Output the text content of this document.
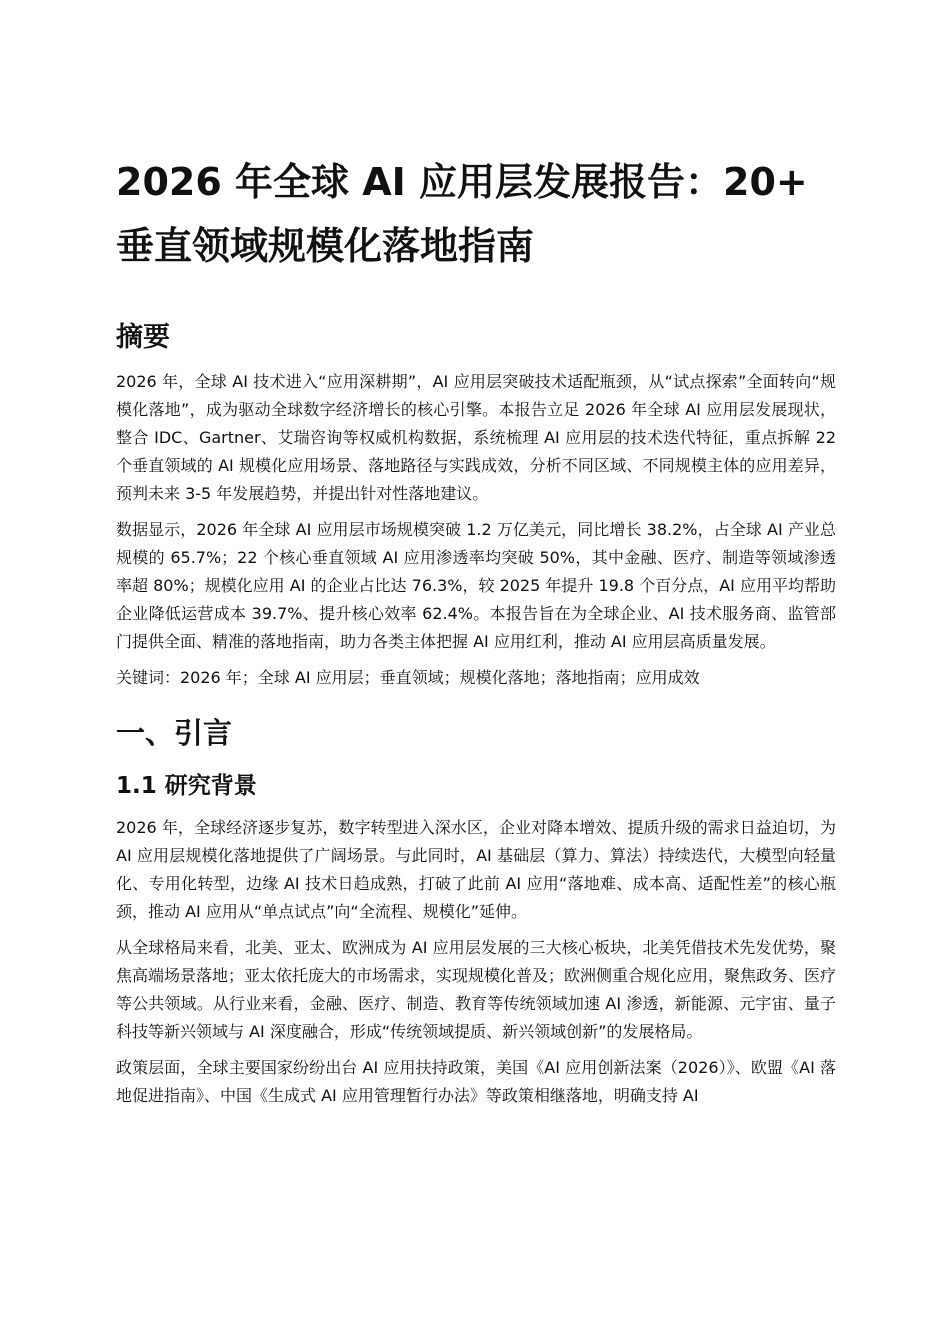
2026 年全球 AI 应用层发展报告：20+ 垂直领域规模化落地指南
摘要

2026 年，全球 AI 技术进入“应用深耕期”，AI 应用层突破技术适配瓶颈，从“试点探索”全面转向“规模化落地”，成为驱动全球数字经济增长的核心引擎。本报告立足 2026 年全球 AI 应用层发展现状，整合 IDC、Gartner、艾瑞咨询等权威机构数据，系统梳理 AI 应用层的技术迭代特征，重点拆解 22 个垂直领域的 AI 规模化应用场景、落地路径与实践成效，分析不同区域、不同规模主体的应用差异，预判未来 3-5 年发展趋势，并提出针对性落地建议。

数据显示，2026 年全球 AI 应用层市场规模突破 1.2 万亿美元，同比增长 38.2%，占全球 AI 产业总规模的 65.7%；22 个核心垂直领域 AI 应用渗透率均突破 50%，其中金融、医疗、制造等领域渗透率超 80%；规模化应用 AI 的企业占比达 76.3%，较 2025 年提升 19.8 个百分点，AI 应用平均帮助企业降低运营成本 39.7%、提升核心效率 62.4%。本报告旨在为全球企业、AI 技术服务商、监管部门提供全面、精准的落地指南，助力各类主体把握 AI 应用红利，推动 AI 应用层高质量发展。

关键词：2026 年；全球 AI 应用层；垂直领域；规模化落地；落地指南；应用成效

一、引言
1.1 研究背景

2026 年，全球经济逐步复苏，数字转型进入深水区，企业对降本增效、提质升级的需求日益迫切，为 AI 应用层规模化落地提供了广阔场景。与此同时，AI 基础层（算力、算法）持续迭代，大模型向轻量化、专用化转型，边缘 AI 技术日趋成熟，打破了此前 AI 应用“落地难、成本高、适配性差”的核心瓶颈，推动 AI 应用从“单点试点”向“全流程、规模化”延伸。

从全球格局来看，北美、亚太、欧洲成为 AI 应用层发展的三大核心板块，北美凭借技术先发优势，聚焦高端场景落地；亚太依托庞大的市场需求，实现规模化普及；欧洲侧重合规化应用，聚焦政务、医疗等公共领域。从行业来看，金融、医疗、制造、教育等传统领域加速 AI 渗透，新能源、元宇宙、量子科技等新兴领域与 AI 深度融合，形成“传统领域提质、新兴领域创新”的发展格局。

政策层面，全球主要国家纷纷出台 AI 应用扶持政策，美国《AI 应用创新法案（2026）》、欧盟《AI 落地促进指南》、中国《生成式 AI 应用管理暂行办法》等政策相继落地，明确支持 AI
